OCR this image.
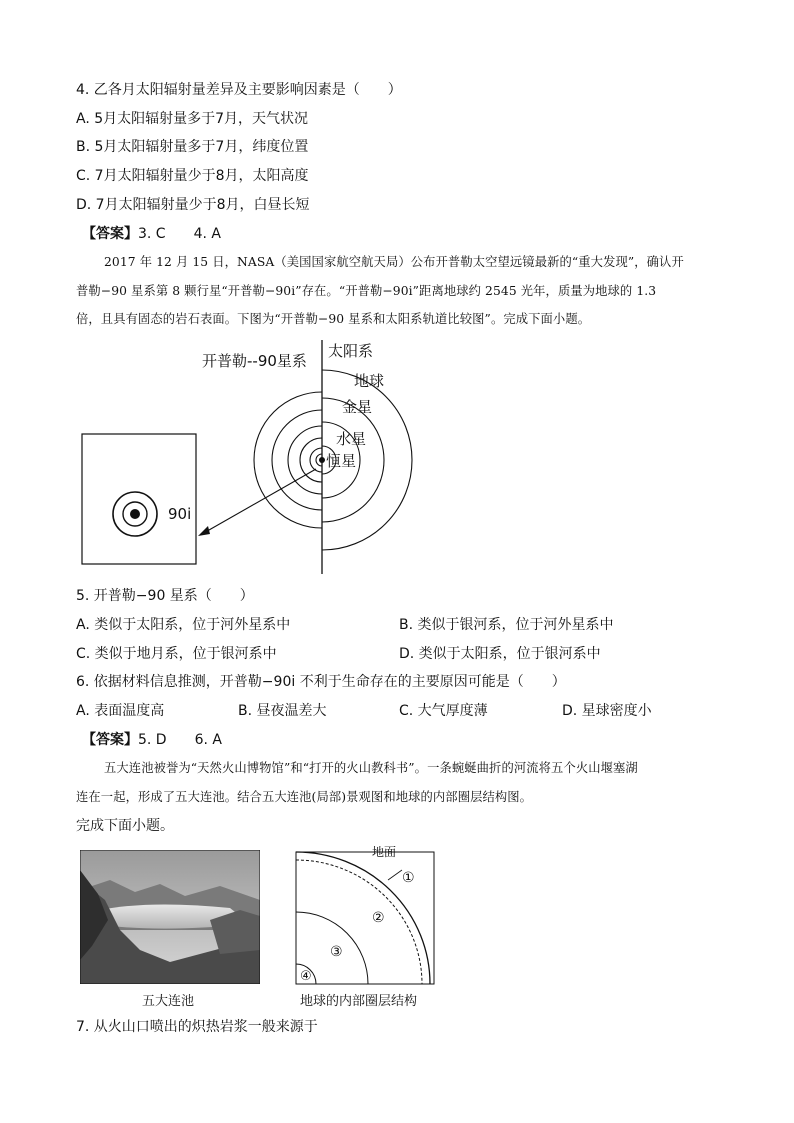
4. 乙各月太阳辐射量差异及主要影响因素是（　　）
A. 5月太阳辐射量多于7月，天气状况
B. 5月太阳辐射量多于7月，纬度位置
C. 7月太阳辐射量少于8月，太阳高度
D. 7月太阳辐射量少于8月，白昼长短
【答案】3. C　　4. A
2017 年 12 月 15 日，NASA（美国国家航空航天局）公布开普勒太空望远镜最新的“重大发现”，确认开
普勒−90 星系第 8 颗行星“开普勒−90i”存在。“开普勒−90i”距离地球约 2545 光年，质量为地球的 1.3
倍，且具有固态的岩石表面。下图为“开普勒−90 星系和太阳系轨道比较图”。完成下面小题。
开普勒--90星系
太阳系
地球
金星
水星
恒星
90i
5. 开普勒−90 星系（　　）
A. 类似于太阳系，位于河外星系中	B. 类似于银河系，位于河外星系中
C. 类似于地月系，位于银河系中	D. 类似于太阳系，位于银河系中
6. 依据材料信息推测，开普勒−90i 不利于生命存在的主要原因可能是（　　）
A. 表面温度高	B. 昼夜温差大	C. 大气厚度薄	D. 星球密度小
【答案】5. D　　6. A
五大连池被誉为“天然火山博物馆”和“打开的火山教科书”。一条蜿蜒曲折的河流将五个火山堰塞湖
连在一起，形成了五大连池。结合五大连池(局部)景观图和地球的内部圈层结构图。
完成下面小题。
五大连池
地面
①
②
③
④
地球的内部圈层结构
7. 从火山口喷出的炽热岩浆一般来源于
